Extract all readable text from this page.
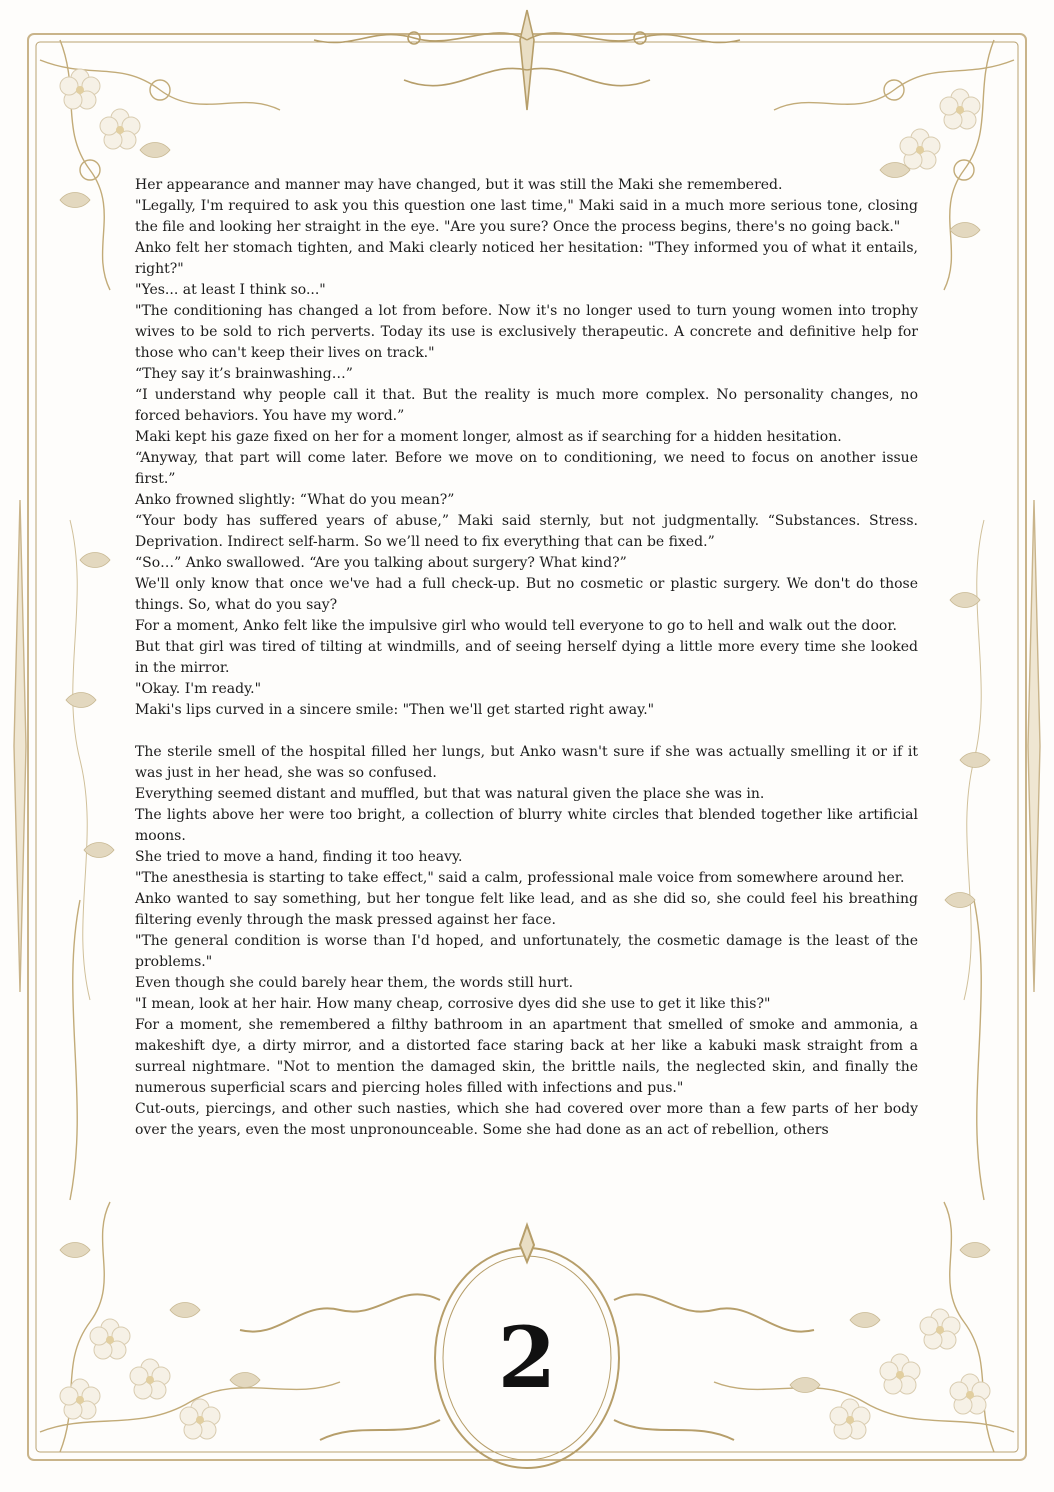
Her appearance and manner may have changed, but it was still the Maki she remembered.

"Legally, I'm required to ask you this question one last time," Maki said in a much more serious tone, closing the file and looking her straight in the eye. "Are you sure? Once the process begins, there's no going back."

Anko felt her stomach tighten, and Maki clearly noticed her hesitation: "They informed you of what it entails, right?"

"Yes... at least I think so..."

"The conditioning has changed a lot from before. Now it's no longer used to turn young women into trophy wives to be sold to rich perverts. Today its use is exclusively therapeutic. A concrete and definitive help for those who can't keep their lives on track."

“They say it’s brainwashing…”

“I understand why people call it that. But the reality is much more complex. No personality changes, no forced behaviors. You have my word.”

Maki kept his gaze fixed on her for a moment longer, almost as if searching for a hidden hesitation.

“Anyway, that part will come later. Before we move on to conditioning, we need to focus on another issue first.”

Anko frowned slightly: “What do you mean?”

“Your body has suffered years of abuse,” Maki said sternly, but not judgmentally. “Substances. Stress. Deprivation. Indirect self-harm. So we’ll need to fix everything that can be fixed.”

“So…” Anko swallowed. “Are you talking about surgery? What kind?”

We'll only know that once we've had a full check-up. But no cosmetic or plastic surgery. We don't do those things. So, what do you say?

For a moment, Anko felt like the impulsive girl who would tell everyone to go to hell and walk out the door.

But that girl was tired of tilting at windmills, and of seeing herself dying a little more every time she looked in the mirror.

"Okay. I'm ready."

Maki's lips curved in a sincere smile: "Then we'll get started right away."

The sterile smell of the hospital filled her lungs, but Anko wasn't sure if she was actually smelling it or if it was just in her head, she was so confused.

Everything seemed distant and muffled, but that was natural given the place she was in.

The lights above her were too bright, a collection of blurry white circles that blended together like artificial moons.

She tried to move a hand, finding it too heavy.

"The anesthesia is starting to take effect," said a calm, professional male voice from somewhere around her.

Anko wanted to say something, but her tongue felt like lead, and as she did so, she could feel his breathing filtering evenly through the mask pressed against her face.

"The general condition is worse than I'd hoped, and unfortunately, the cosmetic damage is the least of the problems."

Even though she could barely hear them, the words still hurt.

"I mean, look at her hair. How many cheap, corrosive dyes did she use to get it like this?"

For a moment, she remembered a filthy bathroom in an apartment that smelled of smoke and ammonia, a makeshift dye, a dirty mirror, and a distorted face staring back at her like a kabuki mask straight from a surreal nightmare. "Not to mention the damaged skin, the brittle nails, the neglected skin, and finally the numerous superficial scars and piercing holes filled with infections and pus."

Cut-outs, piercings, and other such nasties, which she had covered over more than a few parts of her body over the years, even the most unpronounceable. Some she had done as an act of rebellion, others

2
